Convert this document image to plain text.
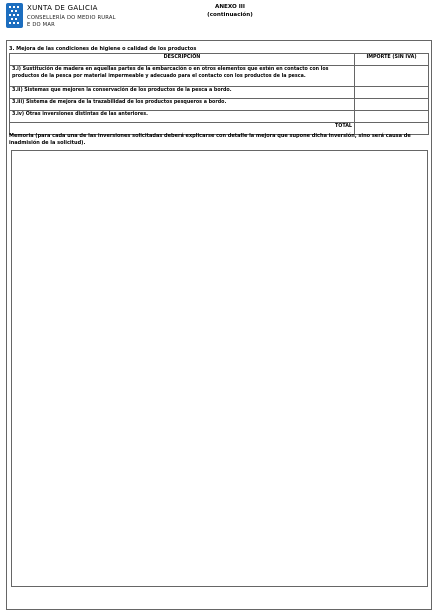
XUNTA DE GALICIA
CONSELLERÍA DO MEDIO RURAL
E DO MAR
ANEXO III
(continuación)
3. Mejora de las condiciones de higiene o calidad de los productos
DESCRIPCIÓN	IMPORTE (SIN IVA)
3.i) Sustitución de madera en aquellas partes de la embarcación o en otros elementos que estén en contacto con los productos de la pesca por material impermeable y adecuado para el contacto con los productos de la pesca.	
3.ii) Sistemas que mejoren la conservación de los productos de la pesca a bordo.	
3.iii) Sistema de mejora de la trazabilidad de los productos pesqueros a bordo.	
3.iv) Otras inversiones distintas de las anteriores.	
TOTAL	
Memoria (para cada una de las inversiones solicitadas deberá explicarse con detalle la mejora que supone dicha inversión, sino será causa de inadmisión de la solicitud).
